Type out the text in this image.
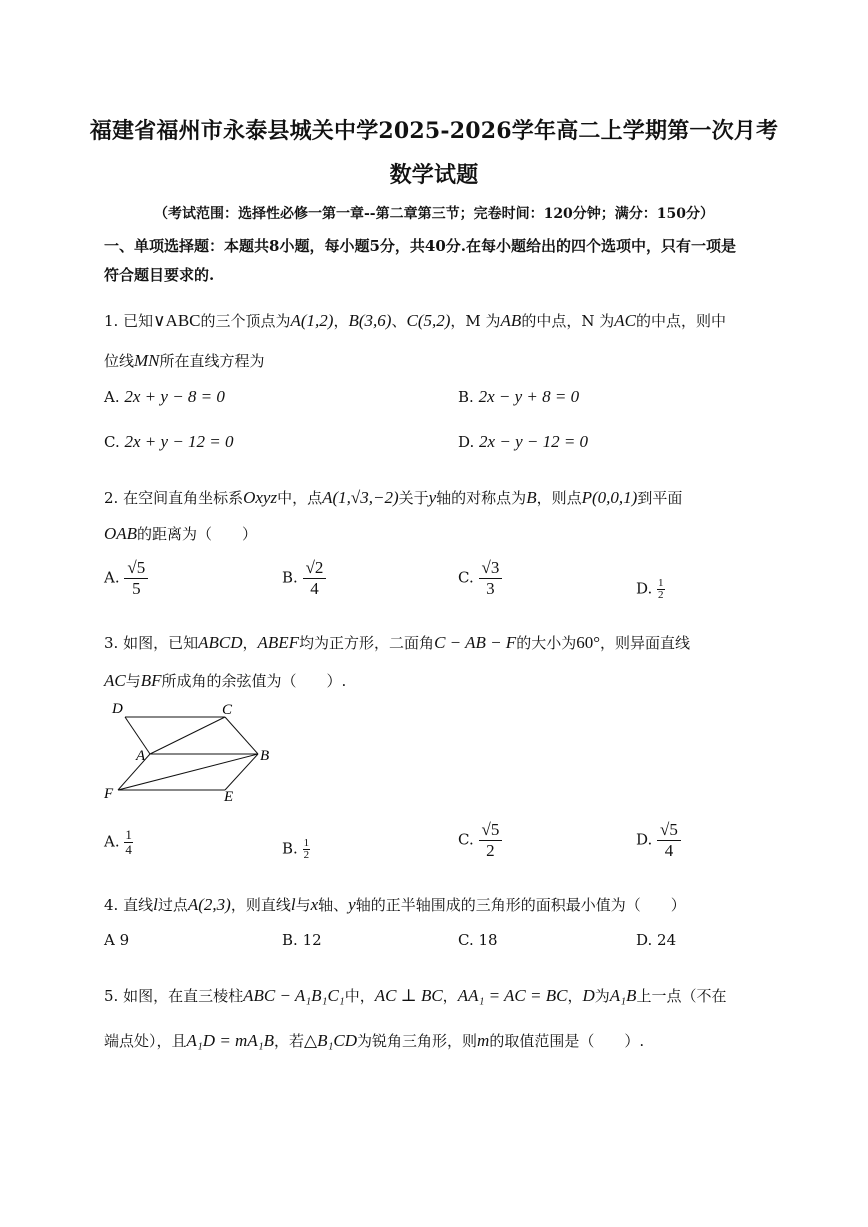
福建省福州市永泰县城关中学2025-2026学年高二上学期第一次月考
数学试题
（考试范围：选择性必修一第一章--第二章第三节；完卷时间：120分钟；满分：150分）
一、单项选择题：本题共8小题，每小题5分，共40分.在每小题给出的四个选项中，只有一项是
符合题目要求的.
1. 已知∨ABC的三个顶点为A(1,2)，B(3,6)、C(5,2)，M 为AB的中点，N 为AC的中点，则中
位线MN所在直线方程为
A. 2x + y − 8 = 0	B. 2x − y + 8 = 0
C. 2x + y − 12 = 0	D. 2x − y − 12 = 0
2. 在空间直角坐标系Oxyz中，点A(1,√3,−2)关于y轴的对称点为B，则点P(0,0,1)到平面
OAB的距离为（　　）
A. $\frac{√5}{5}$	B. $\frac{√2}{4}$	C. $\frac{√3}{3}$	D. $\frac{1}{2}$
3. 如图，已知ABCD，ABEF均为正方形，二面角C − AB − F的大小为60°，则异面直线
AC与BF所成角的余弦值为（　　）.
D	C
A	B
F	E
A. $\frac{1}{4}$	B. $\frac{1}{2}$	C. $\frac{√5}{2}$	D. $\frac{√5}{4}$
4. 直线l过点A(2,3)，则直线l与x轴、y轴的正半轴围成的三角形的面积最小值为（　　）
A 9	B. 12	C. 18	D. 24
5. 如图，在直三棱柱ABC − A₁B₁C₁中，AC ⊥ BC，AA₁ = AC = BC，D为A₁B上一点（不在
端点处），且A₁D = mA₁B，若△B₁CD为锐角三角形，则m的取值范围是（　　）.
